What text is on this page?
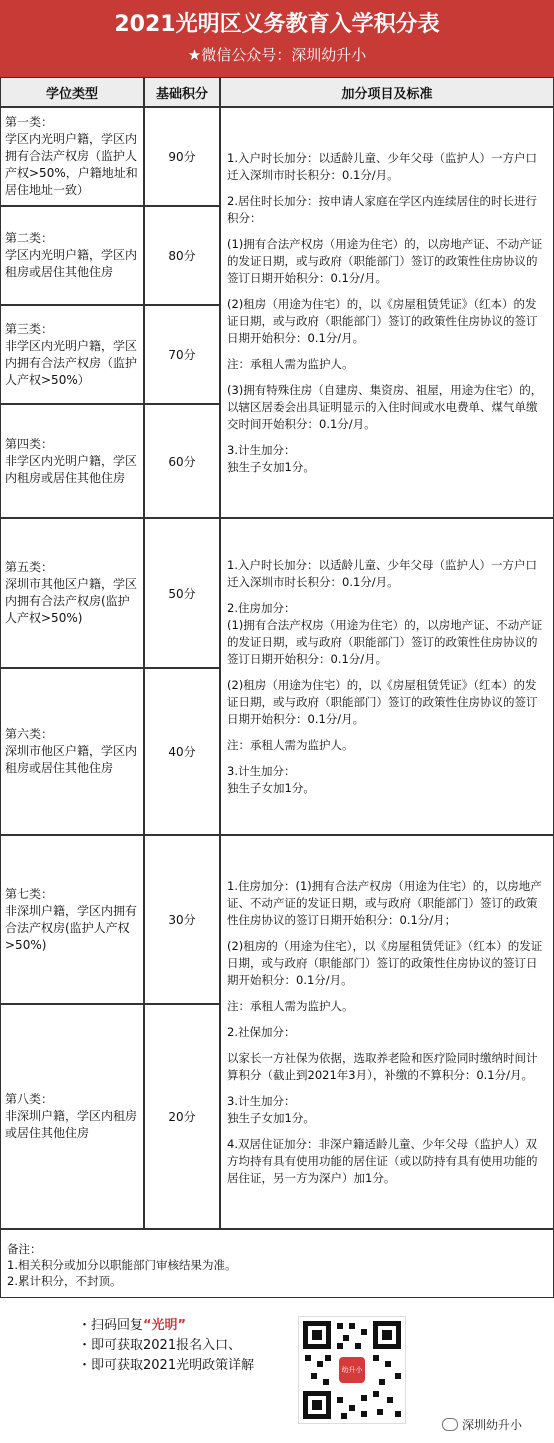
2021光明区义务教育入学积分表
★微信公众号：深圳幼升小
学位类型	基础积分	加分项目及标准
第一类：
学区内光明户籍，学区内拥有合法产权房（监护人产权>50%，户籍地址和居住地址一致）
90分
第二类：
学区内光明户籍，学区内租房或居住其他住房
80分
第三类：
非学区内光明户籍，学区内拥有合法产权房（监护人产权>50%）
70分
第四类：
非学区内光明户籍，学区内租房或居住其他住房
60分

1.入户时长加分：以适龄儿童、少年父母（监护人）一方户口迁入深圳市时长积分：0.1分/月。

2.居住时长加分：按申请人家庭在学区内连续居住的时长进行积分：

(1)拥有合法产权房（用途为住宅）的，以房地产证、不动产证的发证日期，或与政府（职能部门）签订的政策性住房协议的签订日期开始积分：0.1分/月。

(2)租房（用途为住宅）的，以《房屋租赁凭证》（红本）的发证日期，或与政府（职能部门）签订的政策性住房协议的签订日期开始积分：0.1分/月。

注：承租人需为监护人。

(3)拥有特殊住房（自建房、集资房、祖屋，用途为住宅）的，以辖区居委会出具证明显示的入住时间或水电费单、煤气单缴交时间开始积分：0.1分/月。

3.计生加分：
独生子女加1分。

第五类：
深圳市其他区户籍，学区内拥有合法产权房(监护人产权>50%)
50分
第六类：
深圳市他区户籍，学区内租房或居住其他住房
40分

1.入户时长加分：以适龄儿童、少年父母（监护人）一方户口迁入深圳市时长积分：0.1分/月。

2.住房加分：
(1)拥有合法产权房（用途为住宅）的，以房地产证、不动产证的发证日期，或与政府（职能部门）签订的政策性住房协议的签订日期开始积分：0.1分/月。

(2)租房（用途为住宅）的，以《房屋租赁凭证》（红本）的发证日期，或与政府（职能部门）签订的政策性住房协议的签订日期开始积分：0.1分/月。

注：承租人需为监护人。

3.计生加分：
独生子女加1分。

第七类：
非深圳户籍，学区内拥有合法产权房(监护人产权>50%)
30分
第八类：
非深圳户籍，学区内租房或居住其他住房
20分

1.住房加分：(1)拥有合法产权房（用途为住宅）的，以房地产证、不动产证的发证日期，或与政府（职能部门）签订的政策性住房协议的签订日期开始积分：0.1分/月；

(2)租房的（用途为住宅），以《房屋租赁凭证》（红本）的发证日期，或与政府（职能部门）签订的政策性住房协议的签订日期开始积分：0.1分/月。

注：承租人需为监护人。

2.社保加分：

以家长一方社保为依据，选取养老险和医疗险同时缴纳时间计算积分（截止到2021年3月），补缴的不算积分：0.1分/月。

3.计生加分：
独生子女加1分。

4.双居住证加分：非深户籍适龄儿童、少年父母（监护人）双方均持有具有使用功能的居住证（或以防持有具有使用功能的居住证，另一方为深户）加1分。

备注：
1.相关积分或加分以职能部门审核结果为准。
2.累计积分，不封顶。
・扫码回复“光明”
・即可获取2021报名入口、
・即可获取2021光明政策详解	幼升小
深圳幼升小
